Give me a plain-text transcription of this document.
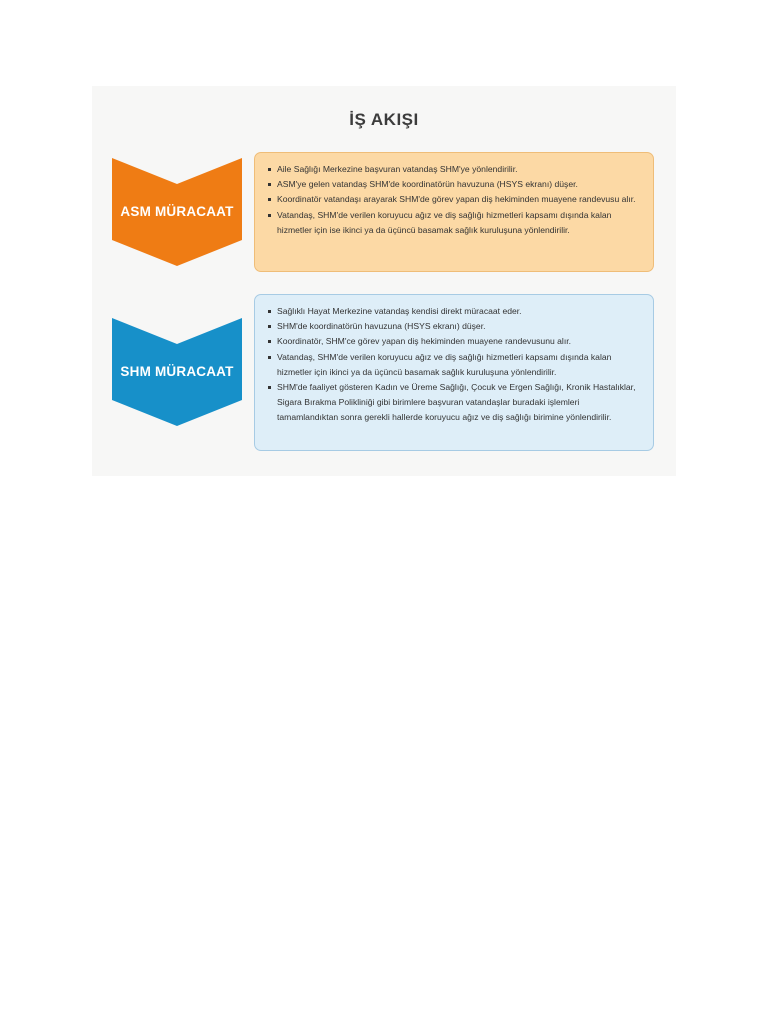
İŞ AKIŞI
ASM MÜRACAAT
Aile Sağlığı Merkezine başvuran vatandaş SHM'ye yönlendirilir.
ASM'ye gelen vatandaş SHM'de koordinatörün havuzuna (HSYS ekranı) düşer.
Koordinatör vatandaşı arayarak SHM'de görev yapan diş hekiminden muayene randevusu alır.
Vatandaş, SHM'de verilen koruyucu ağız ve diş sağlığı hizmetleri kapsamı dışında kalan hizmetler için ise ikinci ya da üçüncü basamak sağlık kuruluşuna yönlendirilir.
SHM MÜRACAAT
Sağlıklı Hayat Merkezine vatandaş kendisi direkt müracaat eder.
SHM'de koordinatörün havuzuna (HSYS ekranı) düşer.
Koordinatör, SHM'ce görev yapan diş hekiminden muayene randevusunu alır.
Vatandaş, SHM'de verilen koruyucu ağız ve diş sağlığı hizmetleri kapsamı dışında kalan hizmetler için ikinci ya da üçüncü basamak sağlık kuruluşuna yönlendirilir.
SHM'de faaliyet gösteren Kadın ve Üreme Sağlığı, Çocuk ve Ergen Sağlığı, Kronik Hastalıklar, Sigara Bırakma Polikliniği gibi birimlere başvuran vatandaşlar buradaki işlemleri tamamlandıktan sonra gerekli hallerde koruyucu ağız ve diş sağlığı birimine yönlendirilir.
